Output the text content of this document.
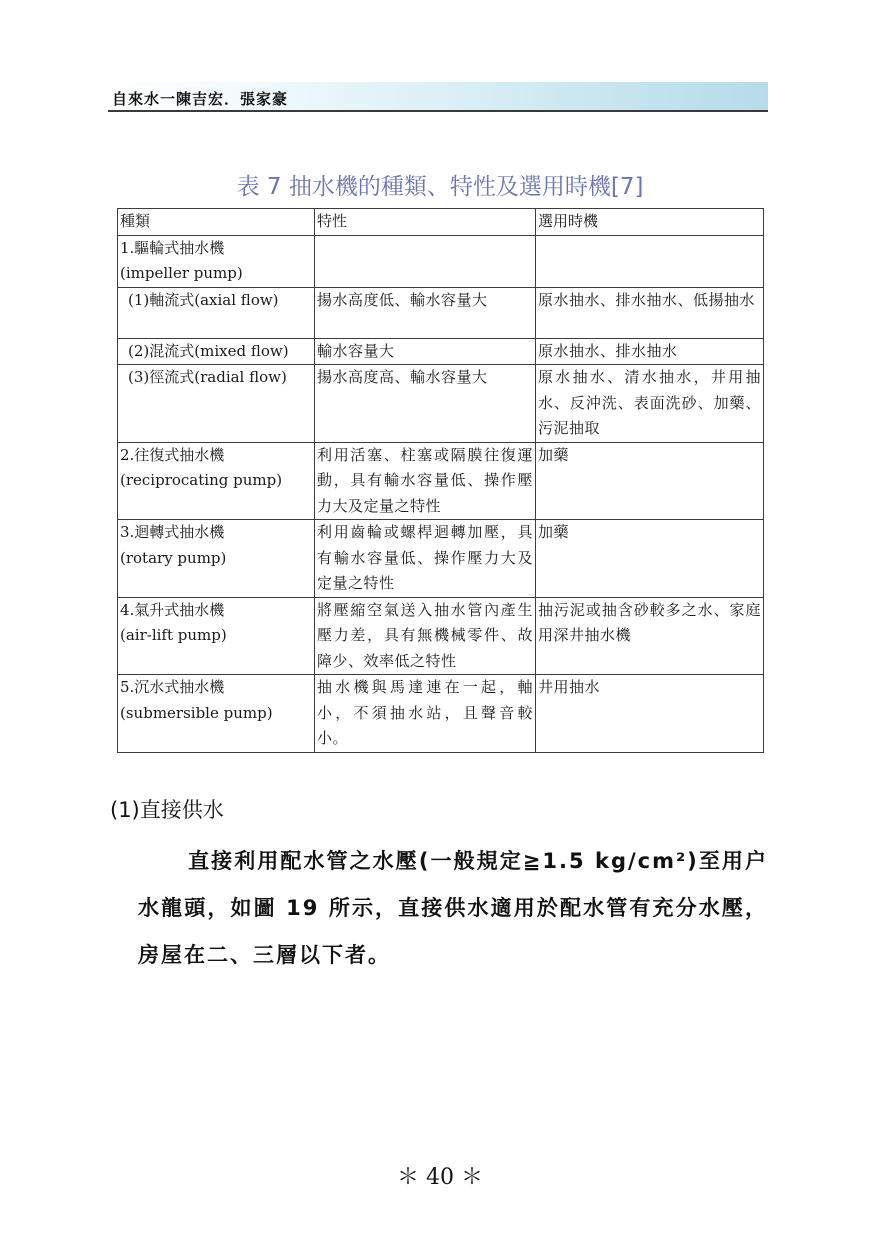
自來水一陳吉宏．張家豪
表 7 抽水機的種類、特性及選用時機[7]
種類	特性	選用時機
1.驅輪式抽水機
(impeller pump)		
(1)軸流式(axial flow)	揚水高度低、輸水容量大	原水抽水、排水抽水、低揚抽水
(2)混流式(mixed flow)	輸水容量大	原水抽水、排水抽水
(3)徑流式(radial flow)	揚水高度高、輸水容量大	原水抽水、清水抽水，井用抽水、反沖洗、表面洗砂、加藥、污泥抽取
2.往復式抽水機
(reciprocating pump)	利用活塞、柱塞或隔膜往復運動，具有輸水容量低、操作壓力大及定量之特性	加藥
3.迴轉式抽水機
(rotary pump)	利用齒輪或螺桿迴轉加壓，具有輸水容量低、操作壓力大及定量之特性	加藥
4.氣升式抽水機
(air-lift pump)	將壓縮空氣送入抽水管內產生壓力差，具有無機械零件、故障少、效率低之特性	抽污泥或抽含砂較多之水、家庭用深井抽水機
5.沉水式抽水機
(submersible pump)	抽水機與馬達連在一起，軸小，不須抽水站，且聲音較小。	井用抽水
(1)直接供水
直接利用配水管之水壓(一般規定≧1.5 kg/cm²)至用户水龍頭，如圖 19 所示，直接供水適用於配水管有充分水壓，房屋在二、三層以下者。
＊ 40 ＊
